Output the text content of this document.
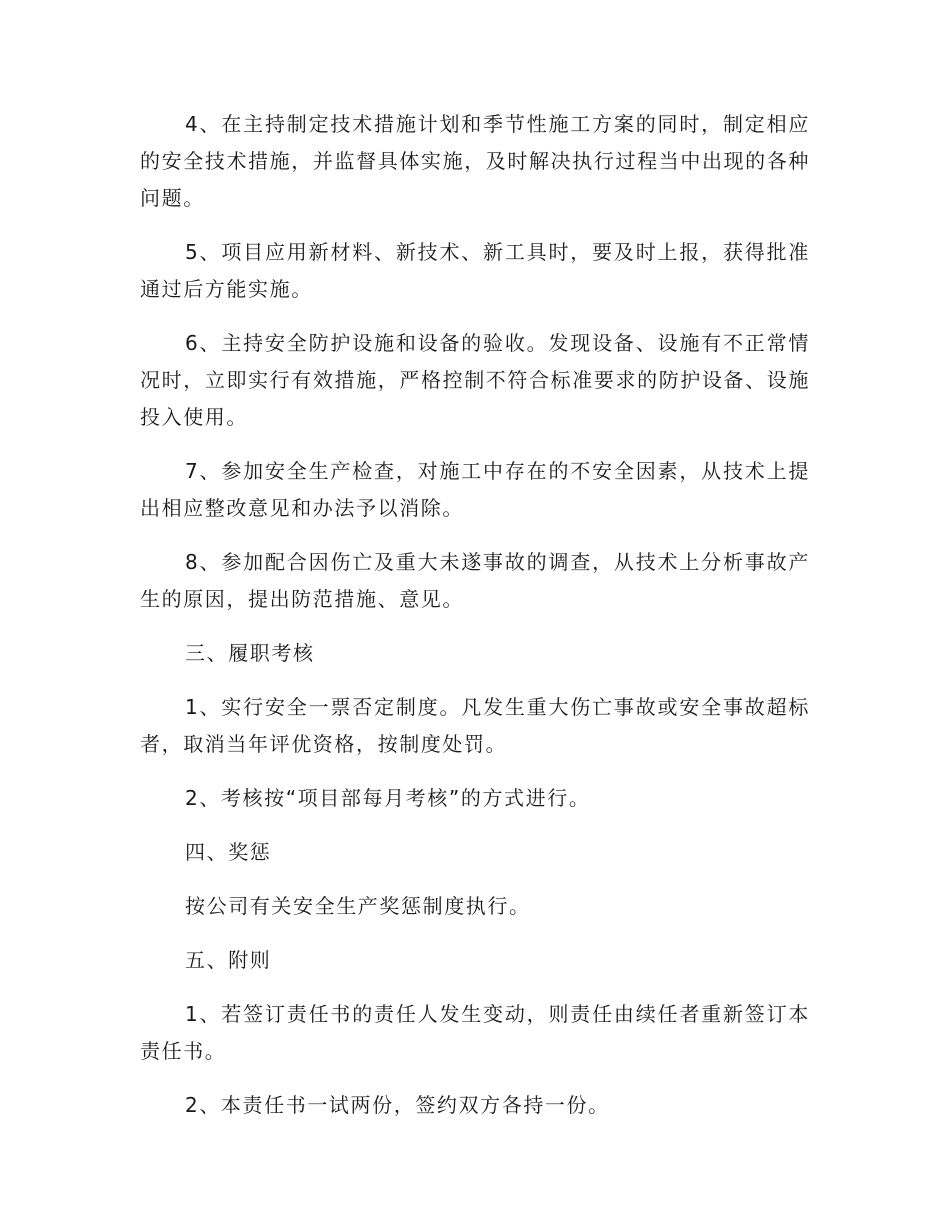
4、在主持制定技术措施计划和季节性施工方案的同时，制定相应的安全技术措施，并监督具体实施，及时解决执行过程当中出现的各种问题。

5、项目应用新材料、新技术、新工具时，要及时上报，获得批准通过后方能实施。

6、主持安全防护设施和设备的验收。发现设备、设施有不正常情况时，立即实行有效措施，严格控制不符合标准要求的防护设备、设施投入使用。

7、参加安全生产检查，对施工中存在的不安全因素，从技术上提出相应整改意见和办法予以消除。

8、参加配合因伤亡及重大未遂事故的调查，从技术上分析事故产生的原因，提出防范措施、意见。

三、履职考核

1、实行安全一票否定制度。凡发生重大伤亡事故或安全事故超标者，取消当年评优资格，按制度处罚。

2、考核按“项目部每月考核”的方式进行。

四、奖惩

按公司有关安全生产奖惩制度执行。

五、附则

1、若签订责任书的责任人发生变动，则责任由续任者重新签订本责任书。

2、本责任书一试两份，签约双方各持一份。
